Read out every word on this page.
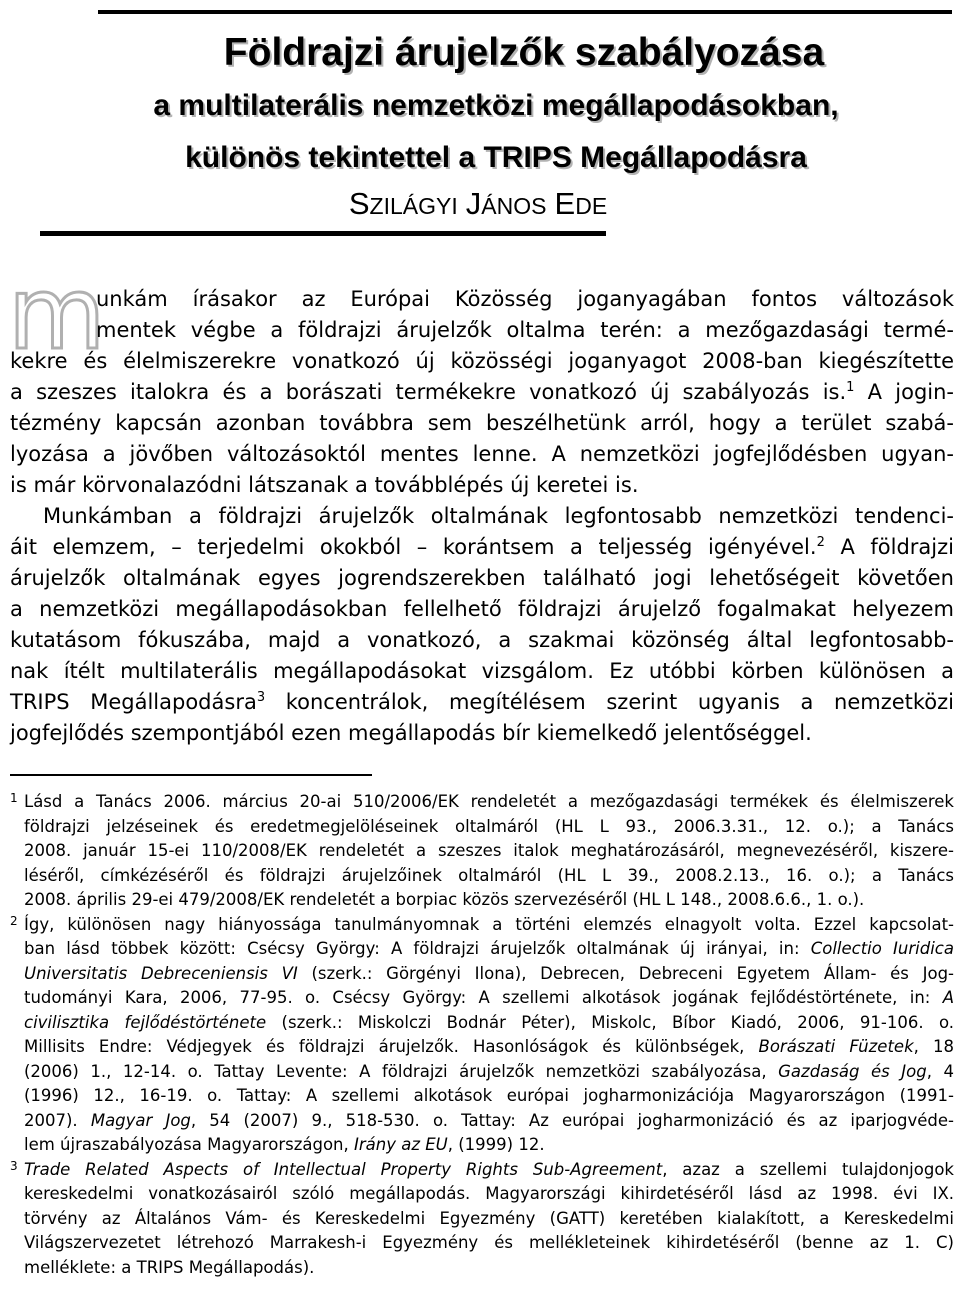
Földrajzi árujelzők szabályozása
a multilaterális nemzetközi megállapodásokban,
különös tekintettel a TRIPS Megállapodásra
SZILÁGYI JÁNOS EDE
m
unkám írásakor az Európai Közösség joganyagában fontos változások
mentek végbe a földrajzi árujelzők oltalma terén: a mezőgazdasági termé-
kekre és élelmiszerekre vonatkozó új közösségi joganyagot 2008-ban kiegészítette
a szeszes italokra és a borászati termékekre vonatkozó új szabályozás is.$^1$ A jogin-
tézmény kapcsán azonban továbbra sem beszélhetünk arról, hogy a terület szabá-
lyozása a jövőben változásoktól mentes lenne. A nemzetközi jogfejlődésben ugyan-
is már körvonalazódni látszanak a továbblépés új keretei is.
Munkámban a földrajzi árujelzők oltalmának legfontosabb nemzetközi tendenci-
áit elemzem, – terjedelmi okokból – korántsem a teljesség igényével.$^2$ A földrajzi
árujelzők oltalmának egyes jogrendszerekben található jogi lehetőségeit követően
a nemzetközi megállapodásokban fellelhető földrajzi árujelző fogalmakat helyezem
kutatásom fókuszába, majd a vonatkozó, a szakmai közönség által legfontosabb-
nak ítélt multilaterális megállapodásokat vizsgálom. Ez utóbbi körben különösen a
TRIPS Megállapodásra$^3$ koncentrálok, megítélésem szerint ugyanis a nemzetközi
jogfejlődés szempontjából ezen megállapodás bír kiemelkedő jelentőséggel.
1 Lásd a Tanács 2006. március 20-ai 510/2006/EK rendeletét a mezőgazdasági termékek és élelmiszerek
földrajzi jelzéseinek és eredetmegjelöléseinek oltalmáról (HL L 93., 2006.3.31., 12. o.); a Tanács
2008. január 15-ei 110/2008/EK rendeletét a szeszes italok meghatározásáról, megnevezéséről, kiszere-
léséről, címkézéséről és földrajzi árujelzőinek oltalmáról (HL L 39., 2008.2.13., 16. o.); a Tanács
2008. április 29-ei 479/2008/EK rendeletét a borpiac közös szervezéséről (HL L 148., 2008.6.6., 1. o.).
2 Így, különösen nagy hiányossága tanulmányomnak a történi elemzés elnagyolt volta. Ezzel kapcsolat-
ban lásd többek között: Csécsy György: A földrajzi árujelzők oltalmának új irányai, in: Collectio Iuridica
Universitatis Debreceniensis VI (szerk.: Görgényi Ilona), Debrecen, Debreceni Egyetem Állam- és Jog-
tudományi Kara, 2006, 77-95. o. Csécsy György: A szellemi alkotások jogának fejlődéstörténete, in: A
civilisztika fejlődéstörténete (szerk.: Miskolczi Bodnár Péter), Miskolc, Bíbor Kiadó, 2006, 91-106. o.
Millisits Endre: Védjegyek és földrajzi árujelzők. Hasonlóságok és különbségek, Borászati Füzetek, 18
(2006) 1., 12-14. o. Tattay Levente: A földrajzi árujelzők nemzetközi szabályozása, Gazdaság és Jog, 4
(1996) 12., 16-19. o. Tattay: A szellemi alkotások európai jogharmonizációja Magyarországon (1991-
2007). Magyar Jog, 54 (2007) 9., 518-530. o. Tattay: Az európai jogharmonizáció és az iparjogvéde-
lem újraszabályozása Magyarországon, Irány az EU, (1999) 12.
3 Trade Related Aspects of Intellectual Property Rights Sub-Agreement, azaz a szellemi tulajdonjogok
kereskedelmi vonatkozásairól szóló megállapodás. Magyarországi kihirdetéséről lásd az 1998. évi IX.
törvény az Általános Vám- és Kereskedelmi Egyezmény (GATT) keretében kialakított, a Kereskedelmi
Világszervezetet létrehozó Marrakesh-i Egyezmény és mellékleteinek kihirdetéséről (benne az 1. C)
melléklete: a TRIPS Megállapodás).
